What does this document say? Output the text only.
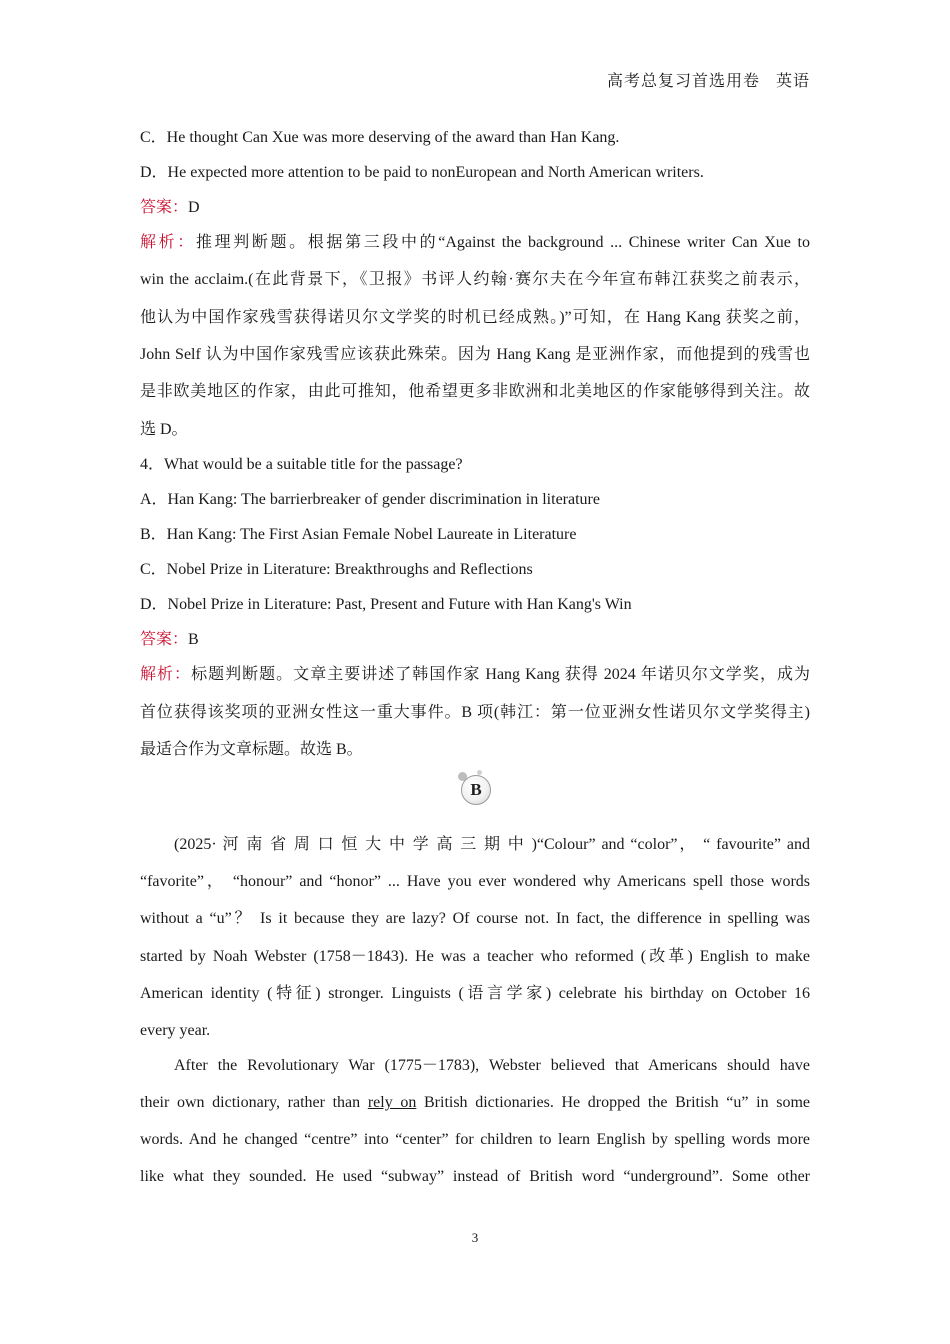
高考总复习首选用卷 英语
C．He thought Can Xue was more deserving of the award than Han Kang.
D．He expected more attention to be paid to nonEuropean and North American writers.
答案：D
解析：推理判断题。根据第三段中的“Against the background ... Chinese writer Can Xue to
win the acclaim.(在此背景下，《卫报》书评人约翰·赛尔夫在今年宣布韩江获奖之前表示，
他认为中国作家残雪获得诺贝尔文学奖的时机已经成熟。)”可知，在 Hang Kang 获奖之前，
John Self 认为中国作家残雪应该获此殊荣。因为 Hang Kang 是亚洲作家，而他提到的残雪也
是非欧美地区的作家，由此可推知，他希望更多非欧洲和北美地区的作家能够得到关注。故
选 D。
4．What would be a suitable title for the passage?
A．Han Kang: The barrierbreaker of gender discrimination in literature
B．Han Kang: The First Asian Female Nobel Laureate in Literature
C．Nobel Prize in Literature: Breakthroughs and Reflections
D．Nobel Prize in Literature: Past, Present and Future with Han Kang's Win
答案：B
解析：标题判断题。文章主要讲述了韩国作家 Hang Kang 获得 2024 年诺贝尔文学奖，成为
首位获得该奖项的亚洲女性这一重大事件。B 项(韩江：第一位亚洲女性诺贝尔文学奖得主)
最适合作为文章标题。故选 B。
B
(2025· 河 南 省 周 口 恒 大 中 学 高 三 期 中 )“Colour” and “color”， “ favourite” and
“favorite”， “honour” and “honor” ... Have you ever wondered why Americans spell those words
without a “u”？ Is it because they are lazy? Of course not. In fact, the difference in spelling was
started by Noah Webster (1758－1843). He was a teacher who reformed (改革) English to make
American identity (特征) stronger. Linguists (语言学家) celebrate his birthday on October 16
every year.
After the Revolutionary War (1775－1783), Webster believed that Americans should have
their own dictionary, rather than rely on British dictionaries. He dropped the British “u” in some
words. And he changed “centre” into “center” for children to learn English by spelling words more
like what they sounded. He used “subway” instead of British word “underground”. Some other
3
